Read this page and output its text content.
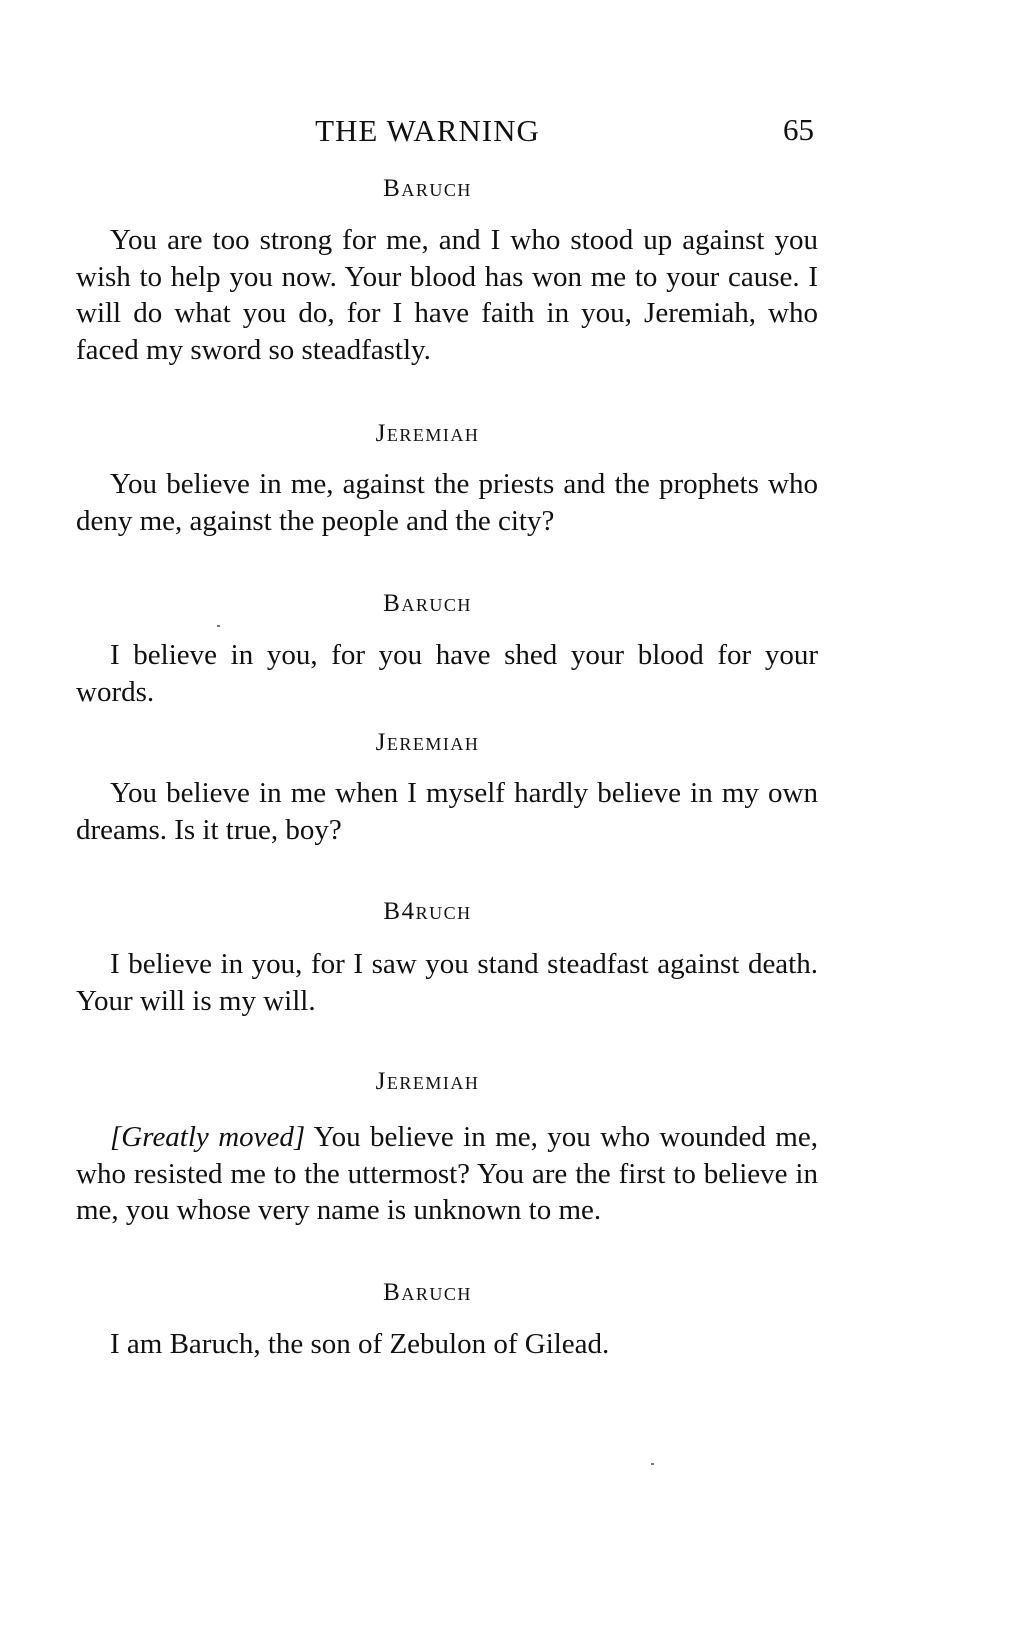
THE WARNING	65
Baruch

You are too strong for me, and I who stood up against you wish to help you now. Your blood has won me to your cause. I will do what you do, for I have faith in you, Jeremiah, who faced my sword so steadfastly.

Jeremiah

You believe in me, against the priests and the prophets who deny me, against the people and the city?

Baruch

I believe in you, for you have shed your blood for your words.

Jeremiah

You believe in me when I myself hardly believe in my own dreams. Is it true, boy?

B4ruch

I believe in you, for I saw you stand steadfast against death. Your will is my will.

Jeremiah

[Greatly moved] You believe in me, you who wounded me, who resisted me to the uttermost? You are the first to believe in me, you whose very name is unknown to me.

Baruch

I am Baruch, the son of Zebulon of Gilead.
